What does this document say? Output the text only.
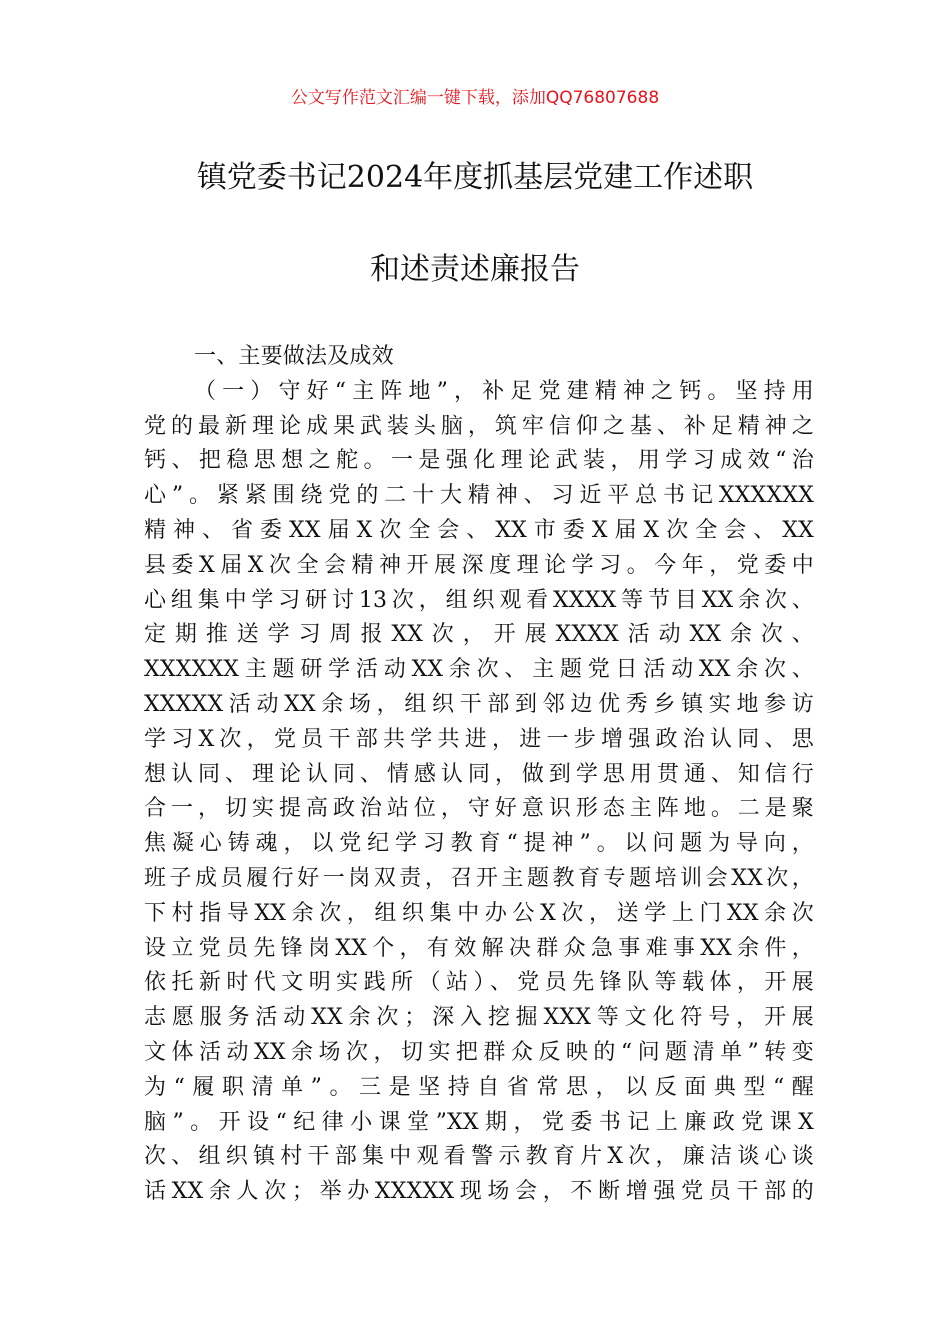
公文写作范文汇编一键下载，添加QQ76807688
镇党委书记2024年度抓基层党建工作述职
和述责述廉报告
一、主要做法及成效
（一）守好“主阵地”，补足党建精神之钙。坚持用
党的最新理论成果武装头脑，筑牢信仰之基、补足精神之
钙、把稳思想之舵。一是强化理论武装，用学习成效“治
心”。紧紧围绕党的二十大精神、习近平总书记XXXXXX
精神、省委XX届X次全会、XX市委X届X次全会、XX
县委X届X次全会精神开展深度理论学习。今年，党委中
心组集中学习研讨13次，组织观看XXXX等节目XX余次、
定期推送学习周报XX次，开展XXXX活动XX余次、
XXXXXX主题研学活动XX余次、主题党日活动XX余次、
XXXXX活动XX余场，组织干部到邻边优秀乡镇实地参访
学习X次，党员干部共学共进，进一步增强政治认同、思
想认同、理论认同、情感认同，做到学思用贯通、知信行
合一，切实提高政治站位，守好意识形态主阵地。二是聚
焦凝心铸魂，以党纪学习教育“提神”。以问题为导向，
班子成员履行好一岗双责，召开主题教育专题培训会XX次，
下村指导XX余次，组织集中办公X次，送学上门XX余次
设立党员先锋岗XX个，有效解决群众急事难事XX余件，
依托新时代文明实践所（站）、党员先锋队等载体，开展
志愿服务活动XX余次；深入挖掘XXX等文化符号，开展
文体活动XX余场次，切实把群众反映的“问题清单”转变
为“履职清单”。三是坚持自省常思，以反面典型“醒
脑”。开设“纪律小课堂”XX期，党委书记上廉政党课X
次、组织镇村干部集中观看警示教育片X次，廉洁谈心谈
话XX余人次；举办XXXXX现场会，不断增强党员干部的
